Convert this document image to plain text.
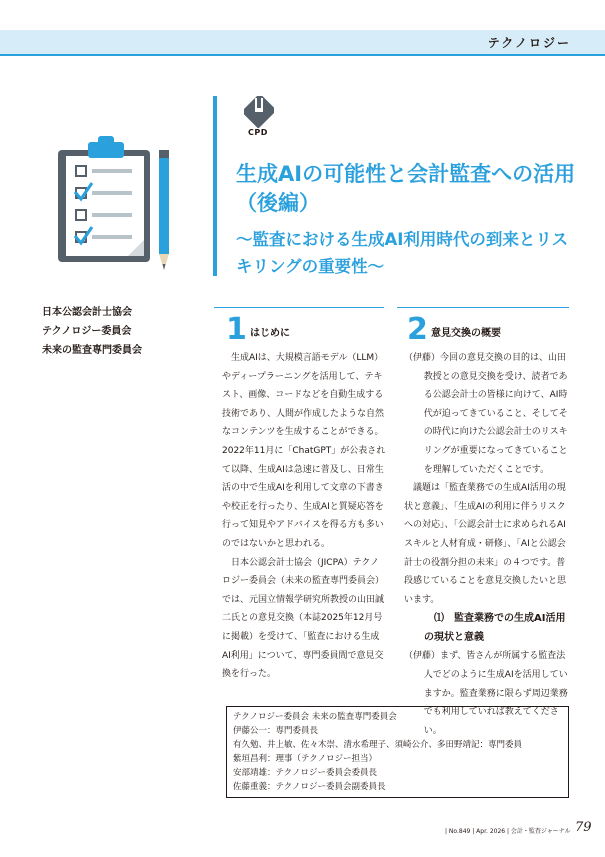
テクノロジー
CPD
生成AIの可能性と会計監査への活用（後編）
〜監査における生成AI利用時代の到来とリスキリングの重要性〜
日本公認会計士協会
テクノロジー委員会
未来の監査専門委員会
1 はじめに

生成AIは、大規模言語モデル（LLM）やディープラーニングを活用して、テキスト、画像、コードなどを自動生成する技術であり、人間が作成したような自然なコンテンツを生成することができる。2022年11月に「ChatGPT」が公表されて以降、生成AIは急速に普及し、日常生活の中で生成AIを利用して文章の下書きや校正を行ったり、生成AIと質疑応答を行って知見やアドバイスを得る方も多いのではないかと思われる。

日本公認会計士協会（JICPA）テクノロジー委員会（未来の監査専門委員会）では、元国立情報学研究所教授の山田誠二氏との意見交換（本誌2025年12月号に掲載）を受けて、「監査における生成AI利用」について、専門委員間で意見交換を行った。

2 意見交換の概要

（伊藤）今回の意見交換の目的は、山田教授との意見交換を受け、読者である公認会計士の皆様に向けて、AI時代が迫ってきていること、そしてその時代に向けた公認会計士のリスキリングが重要になってきていることを理解していただくことです。

議題は「監査業務での生成AI活用の現状と意義」、「生成AIの利用に伴うリスクへの対応」、「公認会計士に求められるAIスキルと人材育成・研修」、「AIと公認会計士の役割分担の未来」の４つです。普段感じていることを意見交換したいと思います。

⑴　監査業務での生成AI活用の現状と意義

（伊藤）まず、皆さんが所属する監査法人でどのように生成AIを活用していますか。監査業務に限らず周辺業務でも利用していれば教えてください。

テクノロジー委員会 未来の監査専門委員会
伊藤公一：専門委員長
有久勉、井上敏、佐々木崇、清水希理子、須崎公介、多田野靖記：専門委員
紫垣昌利：理事（テクノロジー担当）
安部靖雄：テクノロジー委員会委員長
佐藤重義：テクノロジー委員会副委員長
| No.849 | Apr. 2026 | 会計・監査ジャーナル 79
